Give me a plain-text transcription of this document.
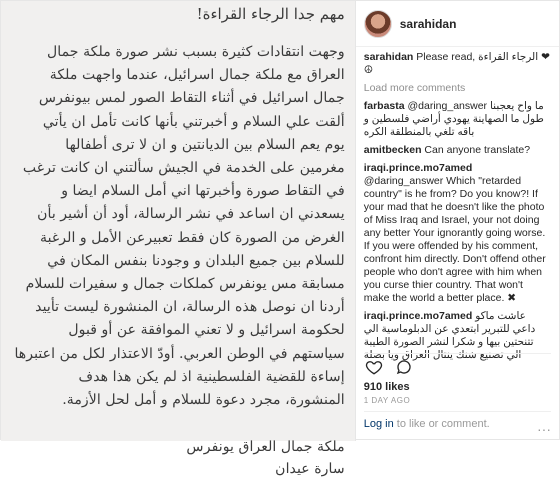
مهم جدا الرجاء القراءة!
وجهت انتقادات كثيرة بسبب نشر صورة ملكة جمال
العراق مع ملكة جمال اسرائيل، عندما واجهت ملكة
جمال اسرائيل في أثناء التقاط الصور لمس بيونفرس
ألقت علي السلام و أخبرتني بأنها كانت تأمل ان يأتي
يوم يعم السلام بين الديانتين و ان لا ترى أطفالها
مغرمين على الخدمة في الجيش سألتني ان كانت ترغب
في التقاط صورة وأخبرتها اني أمل السلام ايضا و
يسعدني ان اساعد في نشر الرسالة، أود أن أشير بأن
الغرض من الصورة كان فقط تعبيرعن الأمل و الرغبة
للسلام بين جميع البلدان و وجودنا بنفس المكان في
مسابقة مس يونفرس كملكات جمال و سفيرات للسلام
أردنا ان نوصل هذه الرسالة، ان المنشورة ليست تأييد
لحكومة اسرائيل و لا تعني الموافقة عن أو قبول
سياستهم في الوطن العربي. أودّ الاعتذار لكل من اعتبرها
إساءة للقضية الفلسطينية اذ لم يكن هذا هدف
المنشورة، مجرد دعوة للسلام و أمل لحل الأزمة.
ملكة جمال العراق يونفرس
سارة عيدان
sarahidan
sarahidan Please read, الرجاء القراءة ❤☮
Load more comments
farbasta @daring_answer ما واح يعجبنا طول ما الصهاينة يهودي أراضي فلسطين و باقه تلغي بالمنطلقة الكره
amitbecken Can anyone translate?
iraqi.prince.mo7amed @daring_answer Which "retarded country" is he from? Do you know?! If your mad that he doesn't like the photo of Miss Iraq and Israel, your not doing any better Your ignorantly going worse. If you were offended by his comment, confront him directly. Don't offend other people who don't agree with him when you curse thier country. That won't make the world a better place. ✖
iraqi.prince.mo7amed عاشت ماكو داعي للتبرير ابتعدي عن الدبلوماسية الي تتنحتين بيها و شكرا لنشر الصورة الطيبة الي تصنيع شنك ينتال العراق ويا بصلة
910 likes
1 DAY AGO
Log in to like or comment.	···
